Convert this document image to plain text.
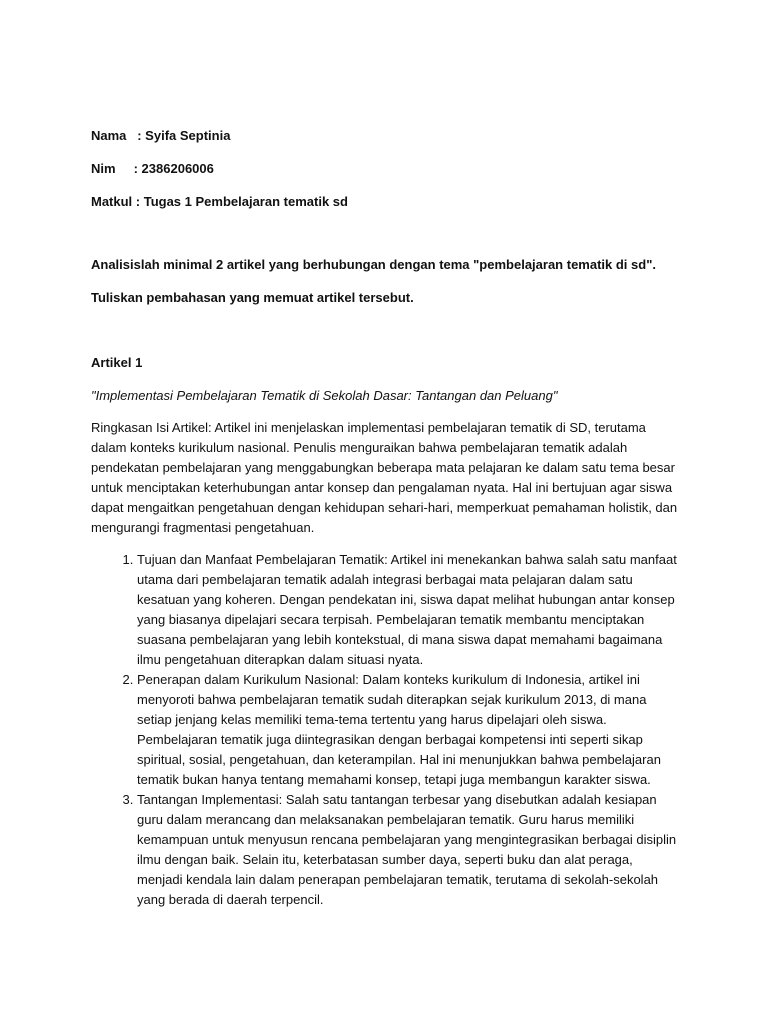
Nama   : Syifa Septinia
Nim     : 2386206006
Matkul : Tugas 1 Pembelajaran tematik sd
Analisislah minimal 2 artikel yang berhubungan dengan tema "pembelajaran tematik di sd".
Tuliskan pembahasan yang memuat artikel tersebut.
Artikel 1
"Implementasi Pembelajaran Tematik di Sekolah Dasar: Tantangan dan Peluang"
Ringkasan Isi Artikel: Artikel ini menjelaskan implementasi pembelajaran tematik di SD, terutama dalam konteks kurikulum nasional. Penulis menguraikan bahwa pembelajaran tematik adalah pendekatan pembelajaran yang menggabungkan beberapa mata pelajaran ke dalam satu tema besar untuk menciptakan keterhubungan antar konsep dan pengalaman nyata. Hal ini bertujuan agar siswa dapat mengaitkan pengetahuan dengan kehidupan sehari-hari, memperkuat pemahaman holistik, dan mengurangi fragmentasi pengetahuan.
1. Tujuan dan Manfaat Pembelajaran Tematik: Artikel ini menekankan bahwa salah satu manfaat utama dari pembelajaran tematik adalah integrasi berbagai mata pelajaran dalam satu kesatuan yang koheren. Dengan pendekatan ini, siswa dapat melihat hubungan antar konsep yang biasanya dipelajari secara terpisah. Pembelajaran tematik membantu menciptakan suasana pembelajaran yang lebih kontekstual, di mana siswa dapat memahami bagaimana ilmu pengetahuan diterapkan dalam situasi nyata.
2. Penerapan dalam Kurikulum Nasional: Dalam konteks kurikulum di Indonesia, artikel ini menyoroti bahwa pembelajaran tematik sudah diterapkan sejak kurikulum 2013, di mana setiap jenjang kelas memiliki tema-tema tertentu yang harus dipelajari oleh siswa. Pembelajaran tematik juga diintegrasikan dengan berbagai kompetensi inti seperti sikap spiritual, sosial, pengetahuan, dan keterampilan. Hal ini menunjukkan bahwa pembelajaran tematik bukan hanya tentang memahami konsep, tetapi juga membangun karakter siswa.
3. Tantangan Implementasi: Salah satu tantangan terbesar yang disebutkan adalah kesiapan guru dalam merancang dan melaksanakan pembelajaran tematik. Guru harus memiliki kemampuan untuk menyusun rencana pembelajaran yang mengintegrasikan berbagai disiplin ilmu dengan baik. Selain itu, keterbatasan sumber daya, seperti buku dan alat peraga, menjadi kendala lain dalam penerapan pembelajaran tematik, terutama di sekolah-sekolah yang berada di daerah terpencil.
